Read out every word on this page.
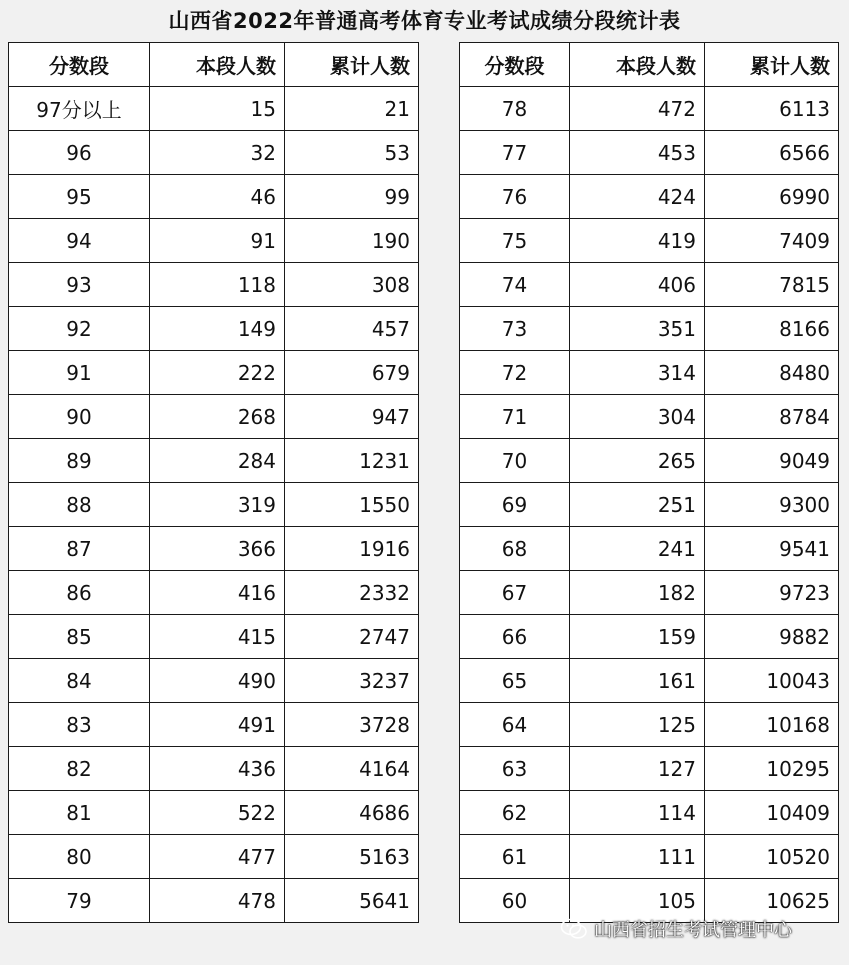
山西省2022年普通高考体育专业考试成绩分段统计表
分数段	本段人数	累计人数
97分以上	15	21
96	32	53
95	46	99
94	91	190
93	118	308
92	149	457
91	222	679
90	268	947
89	284	1231
88	319	1550
87	366	1916
86	416	2332
85	415	2747
84	490	3237
83	491	3728
82	436	4164
81	522	4686
80	477	5163
79	478	5641
分数段	本段人数	累计人数
78	472	6113
77	453	6566
76	424	6990
75	419	7409
74	406	7815
73	351	8166
72	314	8480
71	304	8784
70	265	9049
69	251	9300
68	241	9541
67	182	9723
66	159	9882
65	161	10043
64	125	10168
63	127	10295
62	114	10409
61	111	10520
60	105	10625
山西省招生考试管理中心
